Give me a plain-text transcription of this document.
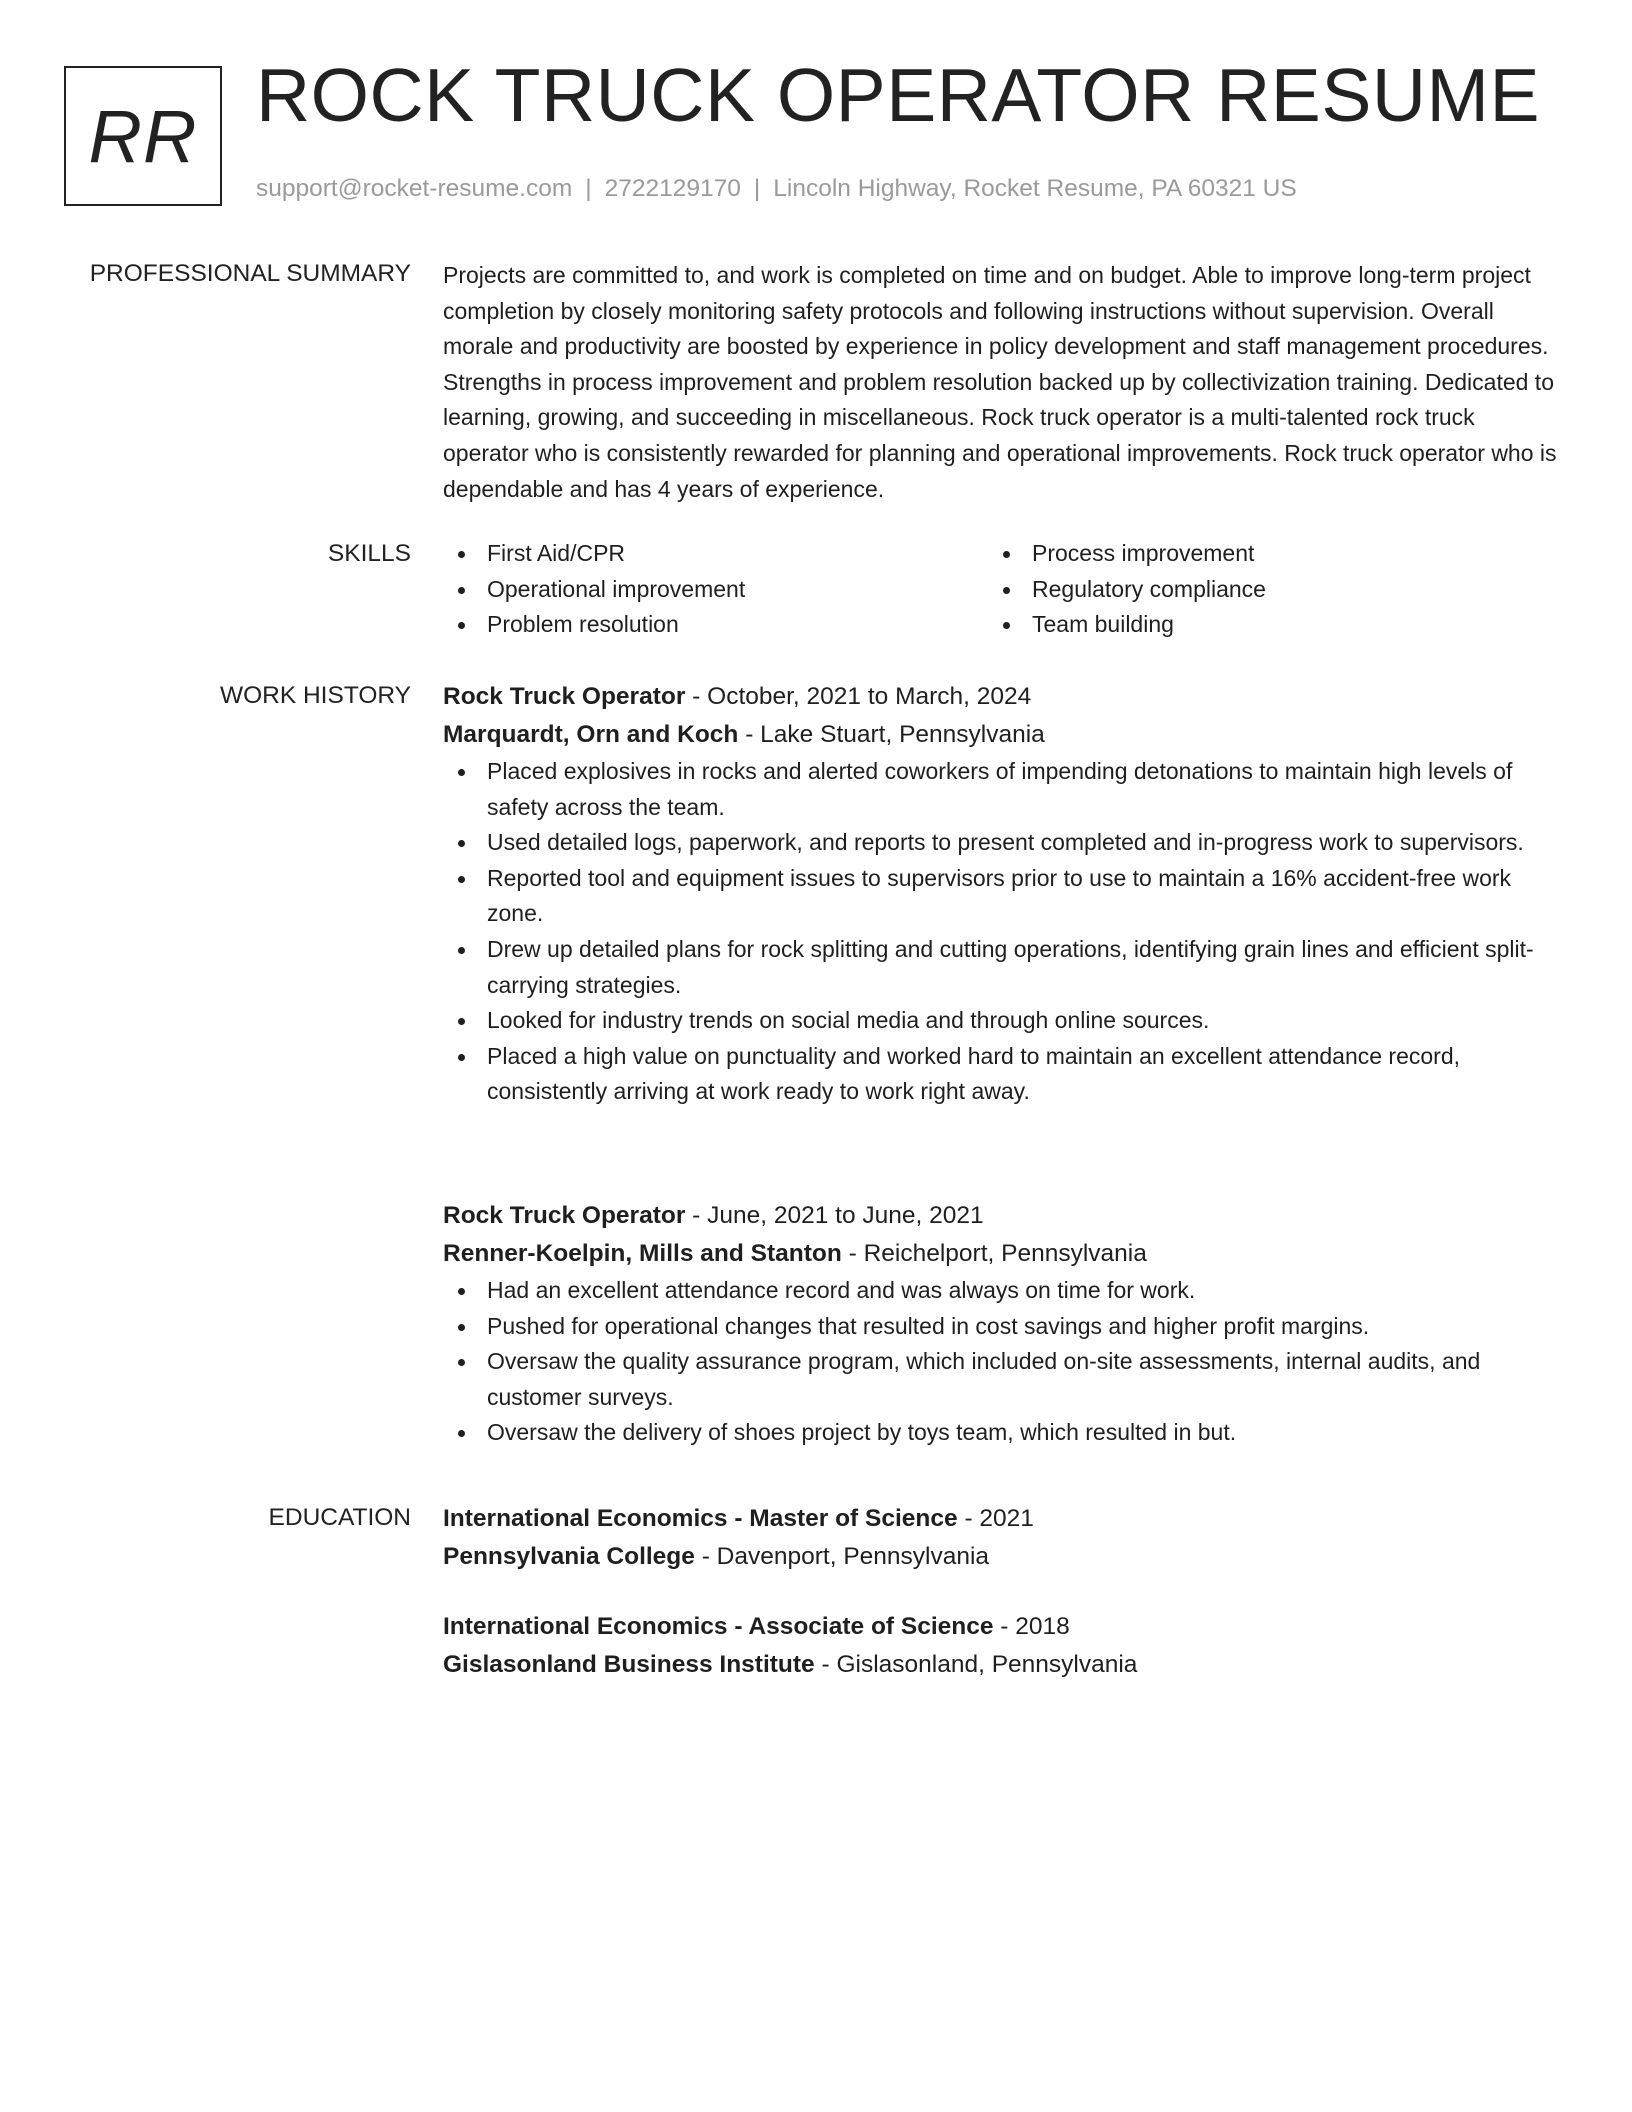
RR ROCK TRUCK OPERATOR RESUME
support@rocket-resume.com | 2722129170 | Lincoln Highway, Rocket Resume, PA 60321 US
PROFESSIONAL SUMMARY Projects are committed to, and work is completed on time and on budget. Able to improve long-term project completion by closely monitoring safety protocols and following instructions without supervision. Overall morale and productivity are boosted by experience in policy development and staff management procedures. Strengths in process improvement and problem resolution backed up by collectivization training. Dedicated to learning, growing, and succeeding in miscellaneous. Rock truck operator is a multi-talented rock truck operator who is consistently rewarded for planning and operational improvements. Rock truck operator who is dependable and has 4 years of experience.

SKILLS	First Aid/CPR
Operational improvement
Problem resolution
Process improvement
Regulatory compliance
Team building
WORK HISTORY Rock Truck Operator - October, 2021 to March, 2024
Marquardt, Orn and Koch - Lake Stuart, Pennsylvania
Placed explosives in rocks and alerted coworkers of impending detonations to maintain high levels of safety across the team.
Used detailed logs, paperwork, and reports to present completed and in-progress work to supervisors.
Reported tool and equipment issues to supervisors prior to use to maintain a 16% accident-free work zone.
Drew up detailed plans for rock splitting and cutting operations, identifying grain lines and efficient split-carrying strategies.
Looked for industry trends on social media and through online sources.
Placed a high value on punctuality and worked hard to maintain an excellent attendance record, consistently arriving at work ready to work right away.
Rock Truck Operator - June, 2021 to June, 2021
Renner-Koelpin, Mills and Stanton - Reichelport, Pennsylvania
Had an excellent attendance record and was always on time for work.
Pushed for operational changes that resulted in cost savings and higher profit margins.
Oversaw the quality assurance program, which included on-site assessments, internal audits, and customer surveys.
Oversaw the delivery of shoes project by toys team, which resulted in but.
EDUCATION International Economics - Master of Science - 2021
Pennsylvania College - Davenport, Pennsylvania
International Economics - Associate of Science - 2018
Gislasonland Business Institute - Gislasonland, Pennsylvania
